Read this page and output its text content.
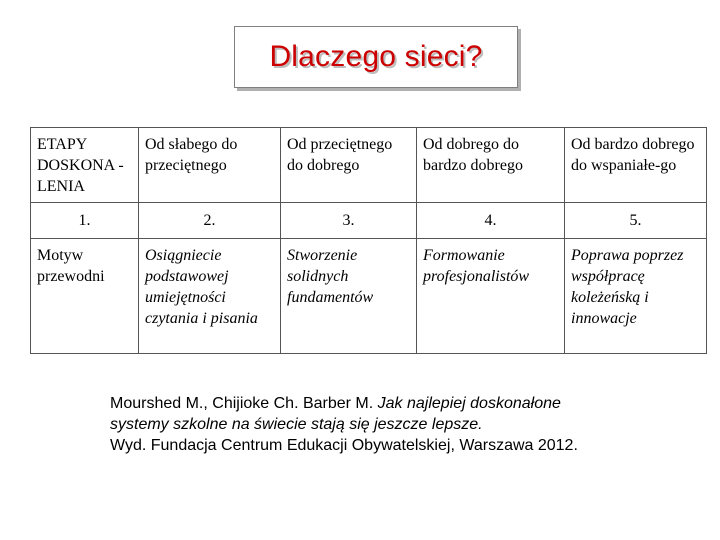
Dlaczego sieci?
ETAPY DOSKONA -LENIA	Od słabego do przeciętnego	Od przeciętnego do dobrego	Od dobrego do bardzo dobrego	Od bardzo dobrego do wspaniałe-go
1.	2.	3.	4.	5.
Motyw przewodni	Osiągniecie podstawowej umiejętności czytania i pisania	Stworzenie solidnych fundamentów	Formowanie profesjonalistów	Poprawa poprzez współpracę koleżeńską i innowacje
Mourshed M., Chijioke Ch. Barber M. Jak najlepiej doskonałone
systemy szkolne na świecie stają się jeszcze lepsze.
Wyd. Fundacja Centrum Edukacji Obywatelskiej, Warszawa 2012.
